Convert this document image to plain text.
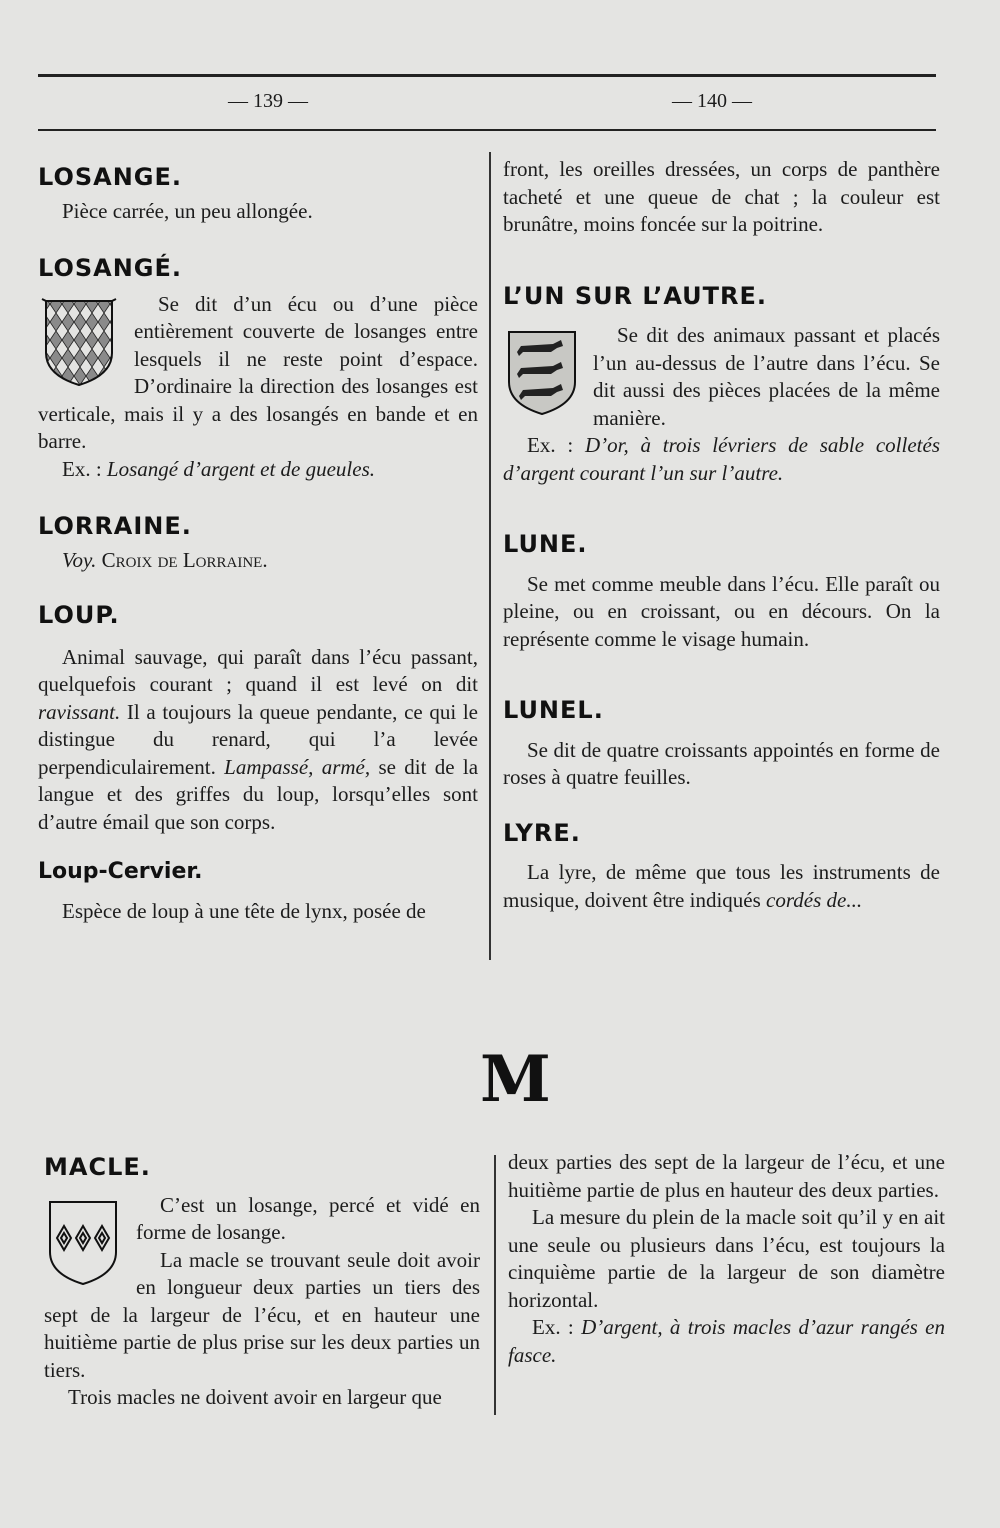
— 139 —	— 140 —
LOSANGE.

Pièce carrée, un peu allongée.

LOSANGÉ.

Se dit d’un écu ou d’une pièce entièrement couverte de losanges entre lesquels il ne reste point d’espace. D’ordinaire la direction des losanges est verticale, mais il y a des losangés en bande et en barre.

Ex. : Losangé d’argent et de gueules.

LORRAINE.

Voy. Croix de Lorraine.

LOUP.

Animal sauvage, qui paraît dans l’écu passant, quelquefois courant ; quand il est levé on dit ravissant. Il a toujours la queue pendante, ce qui le distingue du renard, qui l’a levée perpendiculairement. Lampassé, armé, se dit de la langue et des griffes du loup, lorsqu’elles sont d’autre émail que son corps.

Loup-Cervier.

Espèce de loup à une tête de lynx, posée de

front, les oreilles dressées, un corps de panthère tacheté et une queue de chat ; la couleur est brunâtre, moins foncée sur la poitrine.

L’UN SUR L’AUTRE.

Se dit des animaux passant et placés l’un au-dessus de l’autre dans l’écu. Se dit aussi des pièces placées de la même manière.

Ex. : D’or, à trois lévriers de sable colletés d’argent courant l’un sur l’autre.

LUNE.

Se met comme meuble dans l’écu. Elle paraît ou pleine, ou en croissant, ou en décours. On la représente comme le visage humain.

LUNEL.

Se dit de quatre croissants appointés en forme de roses à quatre feuilles.

LYRE.

La lyre, de même que tous les instruments de musique, doivent être indiqués cordés de...

M
MACLE.

C’est un losange, percé et vidé en forme de losange.

La macle se trouvant seule doit avoir en longueur deux parties un tiers des sept de la largeur de l’écu, et en hauteur une huitième partie de plus prise sur les deux parties un tiers.

Trois macles ne doivent avoir en largeur que

deux parties des sept de la largeur de l’écu, et une huitième partie de plus en hauteur des deux parties.

La mesure du plein de la macle soit qu’il y en ait une seule ou plusieurs dans l’écu, est toujours la cinquième partie de la largeur de son diamètre horizontal.

Ex. : D’argent, à trois macles d’azur rangés en fasce.
